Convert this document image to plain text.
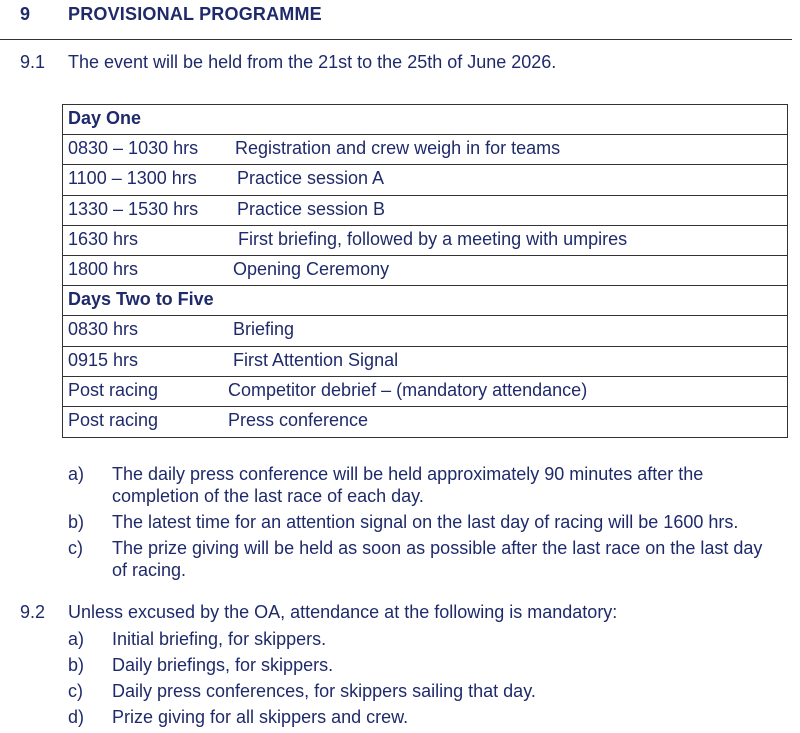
9 PROVISIONAL PROGRAMME
9.1 The event will be held from the 21st to the 25th of June 2026.
Day One
0830 – 1030 hrs Registration and crew weigh in for teams
1100 – 1300 hrs Practice session A
1330 – 1530 hrs Practice session B
1630 hrs	First briefing, followed by a meeting with umpires
1800 hrs	Opening Ceremony
Days Two to Five
0830 hrs	Briefing
0915 hrs	First Attention Signal
Post racing	Competitor debrief – (mandatory attendance)
Post racing	Press conference
a) The daily press conference will be held approximately 90 minutes after the completion of the last race of each day.
b) The latest time for an attention signal on the last day of racing will be 1600 hrs.
c) The prize giving will be held as soon as possible after the last race on the last day of racing.
9.2 Unless excused by the OA, attendance at the following is mandatory:
a) Initial briefing, for skippers.
b) Daily briefings, for skippers.
c) Daily press conferences, for skippers sailing that day.
d) Prize giving for all skippers and crew.
